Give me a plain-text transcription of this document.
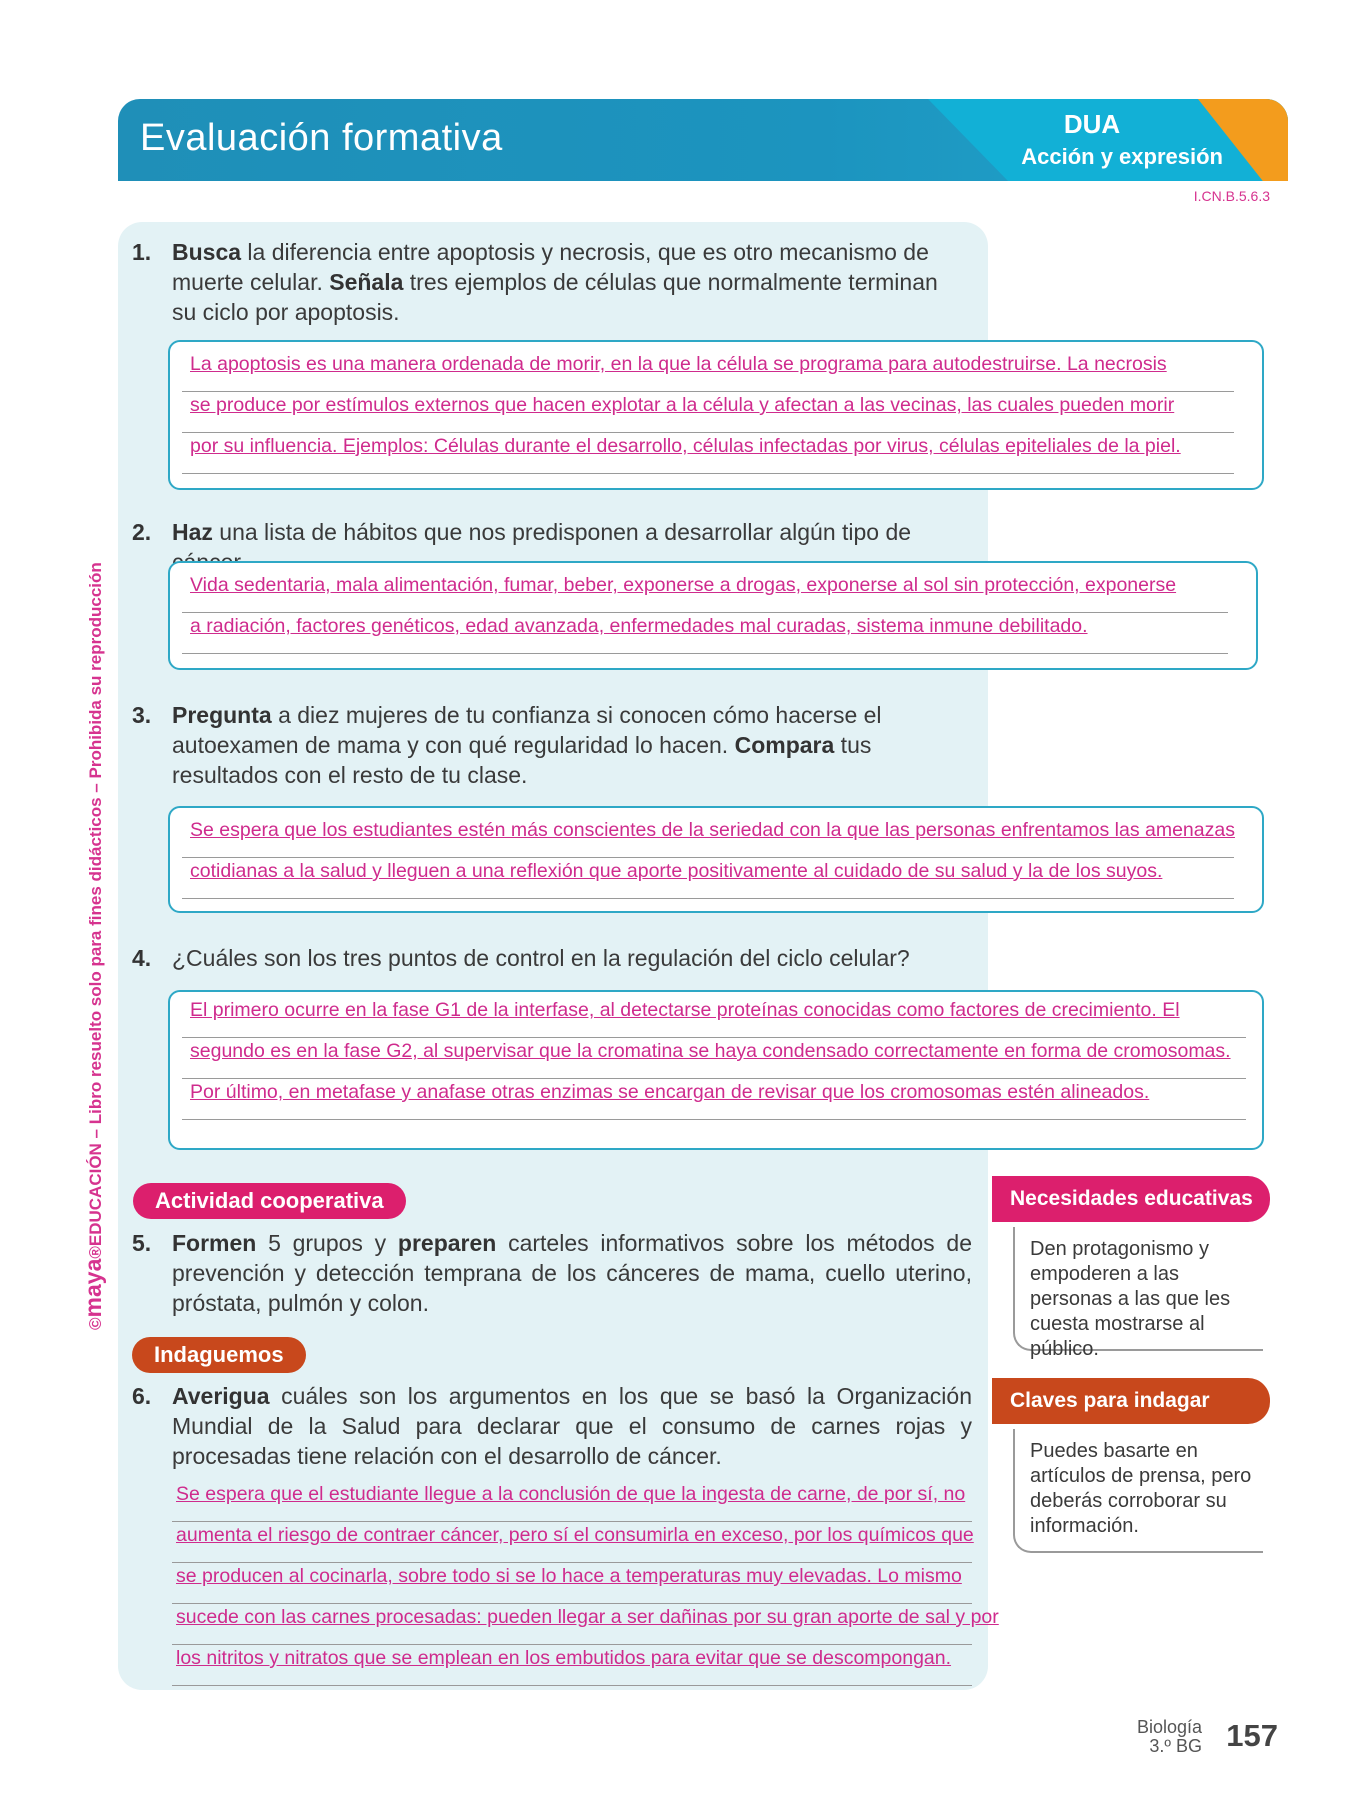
Evaluación formativa	DUA
Acción y expresión
I.CN.B.5.6.3
©maya®EDUCACIÓN – Libro resuelto solo para fines didácticos – Prohibida su reproducción
1. Busca la diferencia entre apoptosis y necrosis, que es otro mecanismo de muerte celular. Señala tres ejemplos de células que normalmente terminan su ciclo por apoptosis.
La apoptosis es una manera ordenada de morir, en la que la célula se programa para autodestruirse. La necrosis
se produce por estímulos externos que hacen explotar a la célula y afectan a las vecinas, las cuales pueden morir
por su influencia. Ejemplos: Células durante el desarrollo, células infectadas por virus, células epiteliales de la piel.
2. Haz una lista de hábitos que nos predisponen a desarrollar algún tipo de
Vida sedentaria, mala alimentación, fumar, beber, exponerse a drogas, exponerse al sol sin protección, exponerse
a radiación, factores genéticos, edad avanzada, enfermedades mal curadas, sistema inmune debilitado.
3. Pregunta a diez mujeres de tu confianza si conocen cómo hacerse el autoexamen de mama y con qué regularidad lo hacen. Compara tus resultados con el resto de tu clase.
Se espera que los estudiantes estén más conscientes de la seriedad con la que las personas enfrentamos las amenazas
cotidianas a la salud y lleguen a una reflexión que aporte positivamente al cuidado de su salud y la de los suyos.
4. ¿Cuáles son los tres puntos de control en la regulación del ciclo celular?
El primero ocurre en la fase G1 de la interfase, al detectarse proteínas conocidas como factores de crecimiento. El
segundo es en la fase G2, al supervisar que la cromatina se haya condensado correctamente en forma de cromosomas.
Por último, en metafase y anafase otras enzimas se encargan de revisar que los cromosomas estén alineados.
Actividad cooperativa
5. Formen 5 grupos y preparen carteles informativos sobre los métodos de prevención y detección temprana de los cánceres de mama, cuello uterino, próstata, pulmón y colon.
Indaguemos
6. Averigua cuáles son los argumentos en los que se basó la Organización Mundial de la Salud para declarar que el consumo de carnes rojas y procesadas tiene relación con el desarrollo de cáncer.
Se espera que el estudiante llegue a la conclusión de que la ingesta de carne, de por sí, no
aumenta el riesgo de contraer cáncer, pero sí el consumirla en exceso, por los químicos que
se producen al cocinarla, sobre todo si se lo hace a temperaturas muy elevadas. Lo mismo
sucede con las carnes procesadas: pueden llegar a ser dañinas por su gran aporte de sal y por
los nitritos y nitratos que se emplean en los embutidos para evitar que se descompongan.
Necesidades educativas
Den protagonismo y empoderen a las personas a las que les cuesta mostrarse al público.
Claves para indagar
Puedes basarte en artículos de prensa, pero deberás corroborar su información.
Biología
3.º BG 157
